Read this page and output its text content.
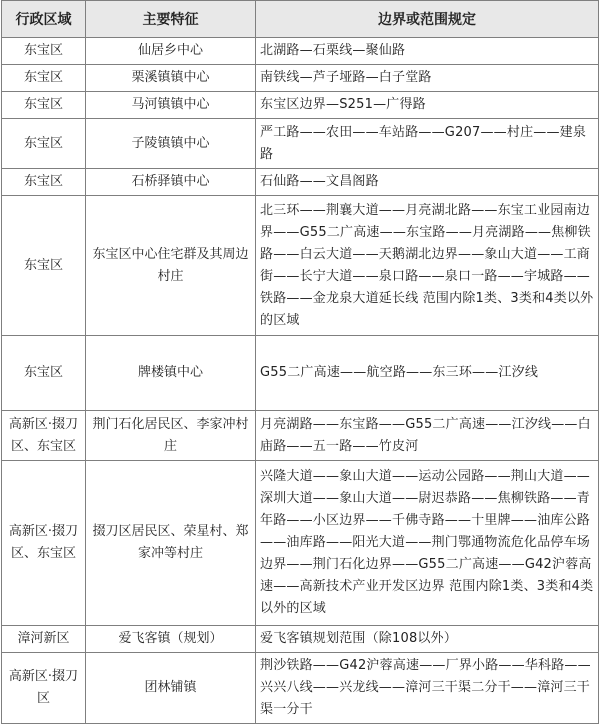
行政区域	主要特征	边界或范围规定
东宝区	仙居乡中心	北湖路—石栗线—聚仙路
东宝区	栗溪镇镇中心	南铁线—芦子垭路—白子堂路
东宝区	马河镇镇中心	东宝区边界—S251—广得路
东宝区	子陵镇镇中心	严工路——农田——车站路——G207——村庄——建泉路
东宝区	石桥驿镇中心	石仙路——文昌阁路
东宝区	东宝区中心住宅群及其周边村庄	北三环——荆襄大道——月亮湖北路——东宝工业园南边界——G55二广高速——东宝路——月亮湖路——焦柳铁路——白云大道——天鹅湖北边界——象山大道——工商街——长宁大道——泉口路——泉口一路——宇城路——铁路——金龙泉大道延长线 范围内除1类、3类和4类以外的区域
东宝区	牌楼镇中心	G55二广高速——航空路——东三环——江汐线
高新区·掇刀区、东宝区	荆门石化居民区、李家冲村庄	月亮湖路——东宝路——G55二广高速——江汐线——白庙路——五一路——竹皮河
高新区·掇刀区、东宝区	掇刀区居民区、荣星村、郑家冲等村庄	兴隆大道——象山大道——运动公园路——荆山大道——深圳大道——象山大道——尉迟恭路——焦柳铁路——青年路——小区边界——千佛寺路——十里牌——油库公路——油库路——阳光大道——荆门鄂通物流危化品停车场边界——荆门石化边界——G55二广高速——G42沪蓉高速——高新技术产业开发区边界 范围内除1类、3类和4类以外的区域
漳河新区	爱飞客镇（规划）	爱飞客镇规划范围（除108以外）
高新区·掇刀区	团林铺镇	荆沙铁路——G42沪蓉高速——厂界小路——华科路——兴兴八线——兴龙线——漳河三干渠二分干——漳河三干渠一分干
